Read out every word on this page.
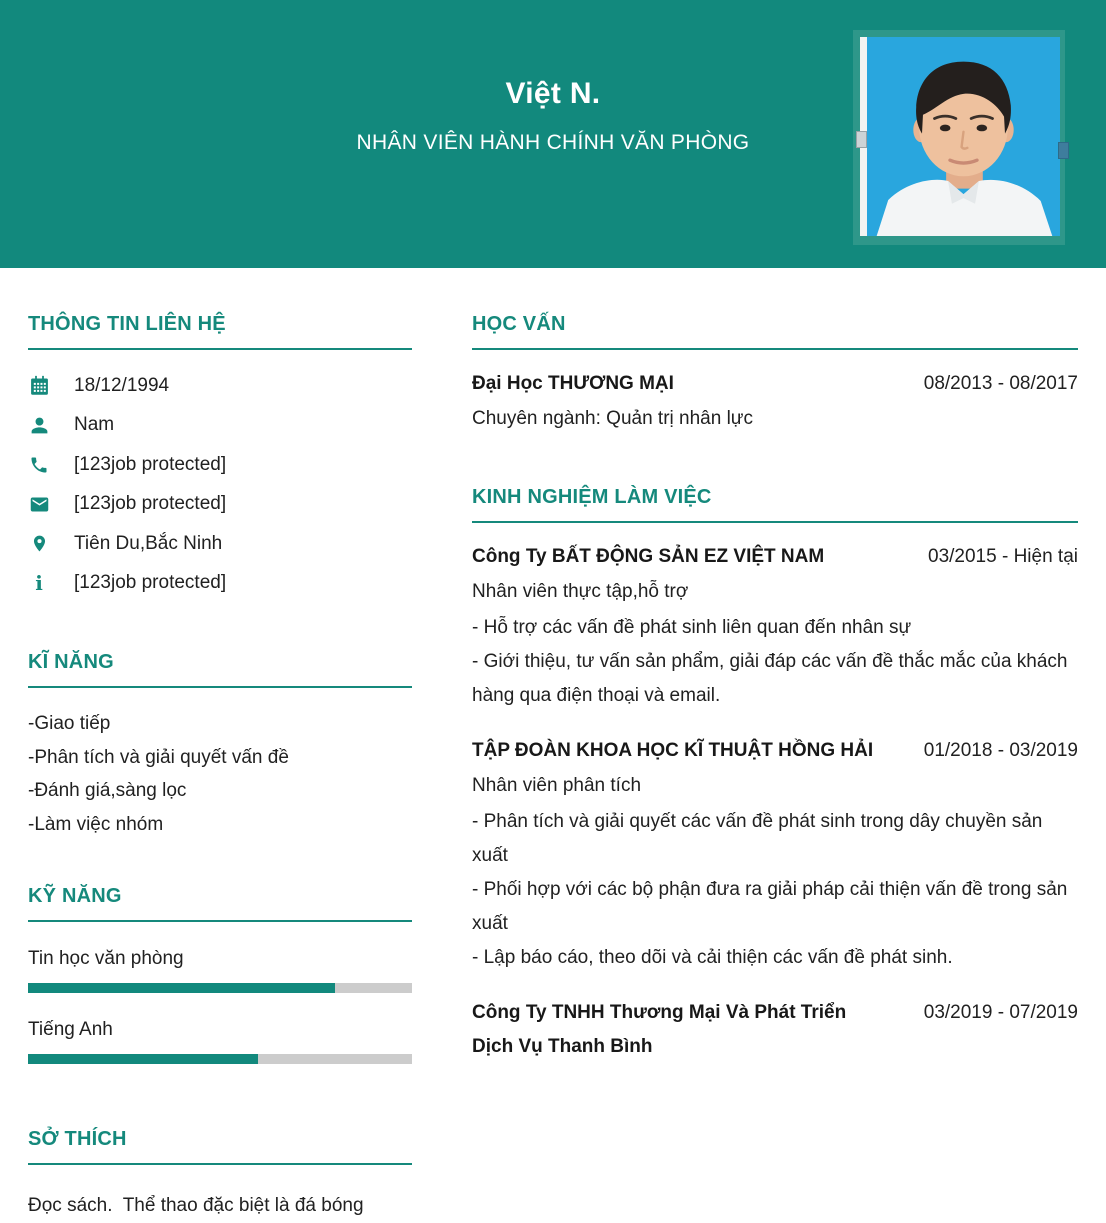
Việt N.
NHÂN VIÊN HÀNH CHÍNH VĂN PHÒNG
THÔNG TIN LIÊN HỆ
18/12/1994
Nam
[123job protected]
[123job protected]
Tiên Du,Bắc Ninh
i [123job protected]
KĨ NĂNG
-Giao tiếp
-Phân tích và giải quyết vấn đề
-Đánh giá,sàng lọc
-Làm việc nhóm
KỸ NĂNG
Tin học văn phòng
Tiếng Anh
SỞ THÍCH
Đọc sách.  Thể thao đặc biệt là đá bóng
HỌC VẤN
Đại Học THƯƠNG MẠI	08/2013 - 08/2017
Chuyên ngành: Quản trị nhân lực
KINH NGHIỆM LÀM VIỆC
Công Ty BẤT ĐỘNG SẢN EZ VIỆT NAM	03/2015 - Hiện tại
Nhân viên thực tập,hỗ trợ
- Hỗ trợ các vấn đề phát sinh liên quan đến nhân sự
- Giới thiệu, tư vấn sản phẩm, giải đáp các vấn đề thắc mắc của khách hàng qua điện thoại và email.
TẬP ĐOÀN KHOA HỌC KĨ THUẬT HỒNG HẢI	01/2018 - 03/2019
Nhân viên phân tích
- Phân tích và giải quyết các vấn đề phát sinh trong dây chuyền sản xuất
- Phối hợp với các bộ phận đưa ra giải pháp cải thiện vấn đề trong sản xuất
- Lập báo cáo, theo dõi và cải thiện các vấn đề phát sinh.
Công Ty TNHH Thương Mại Và Phát Triển Dịch Vụ Thanh Bình
03/2019 - 07/2019
